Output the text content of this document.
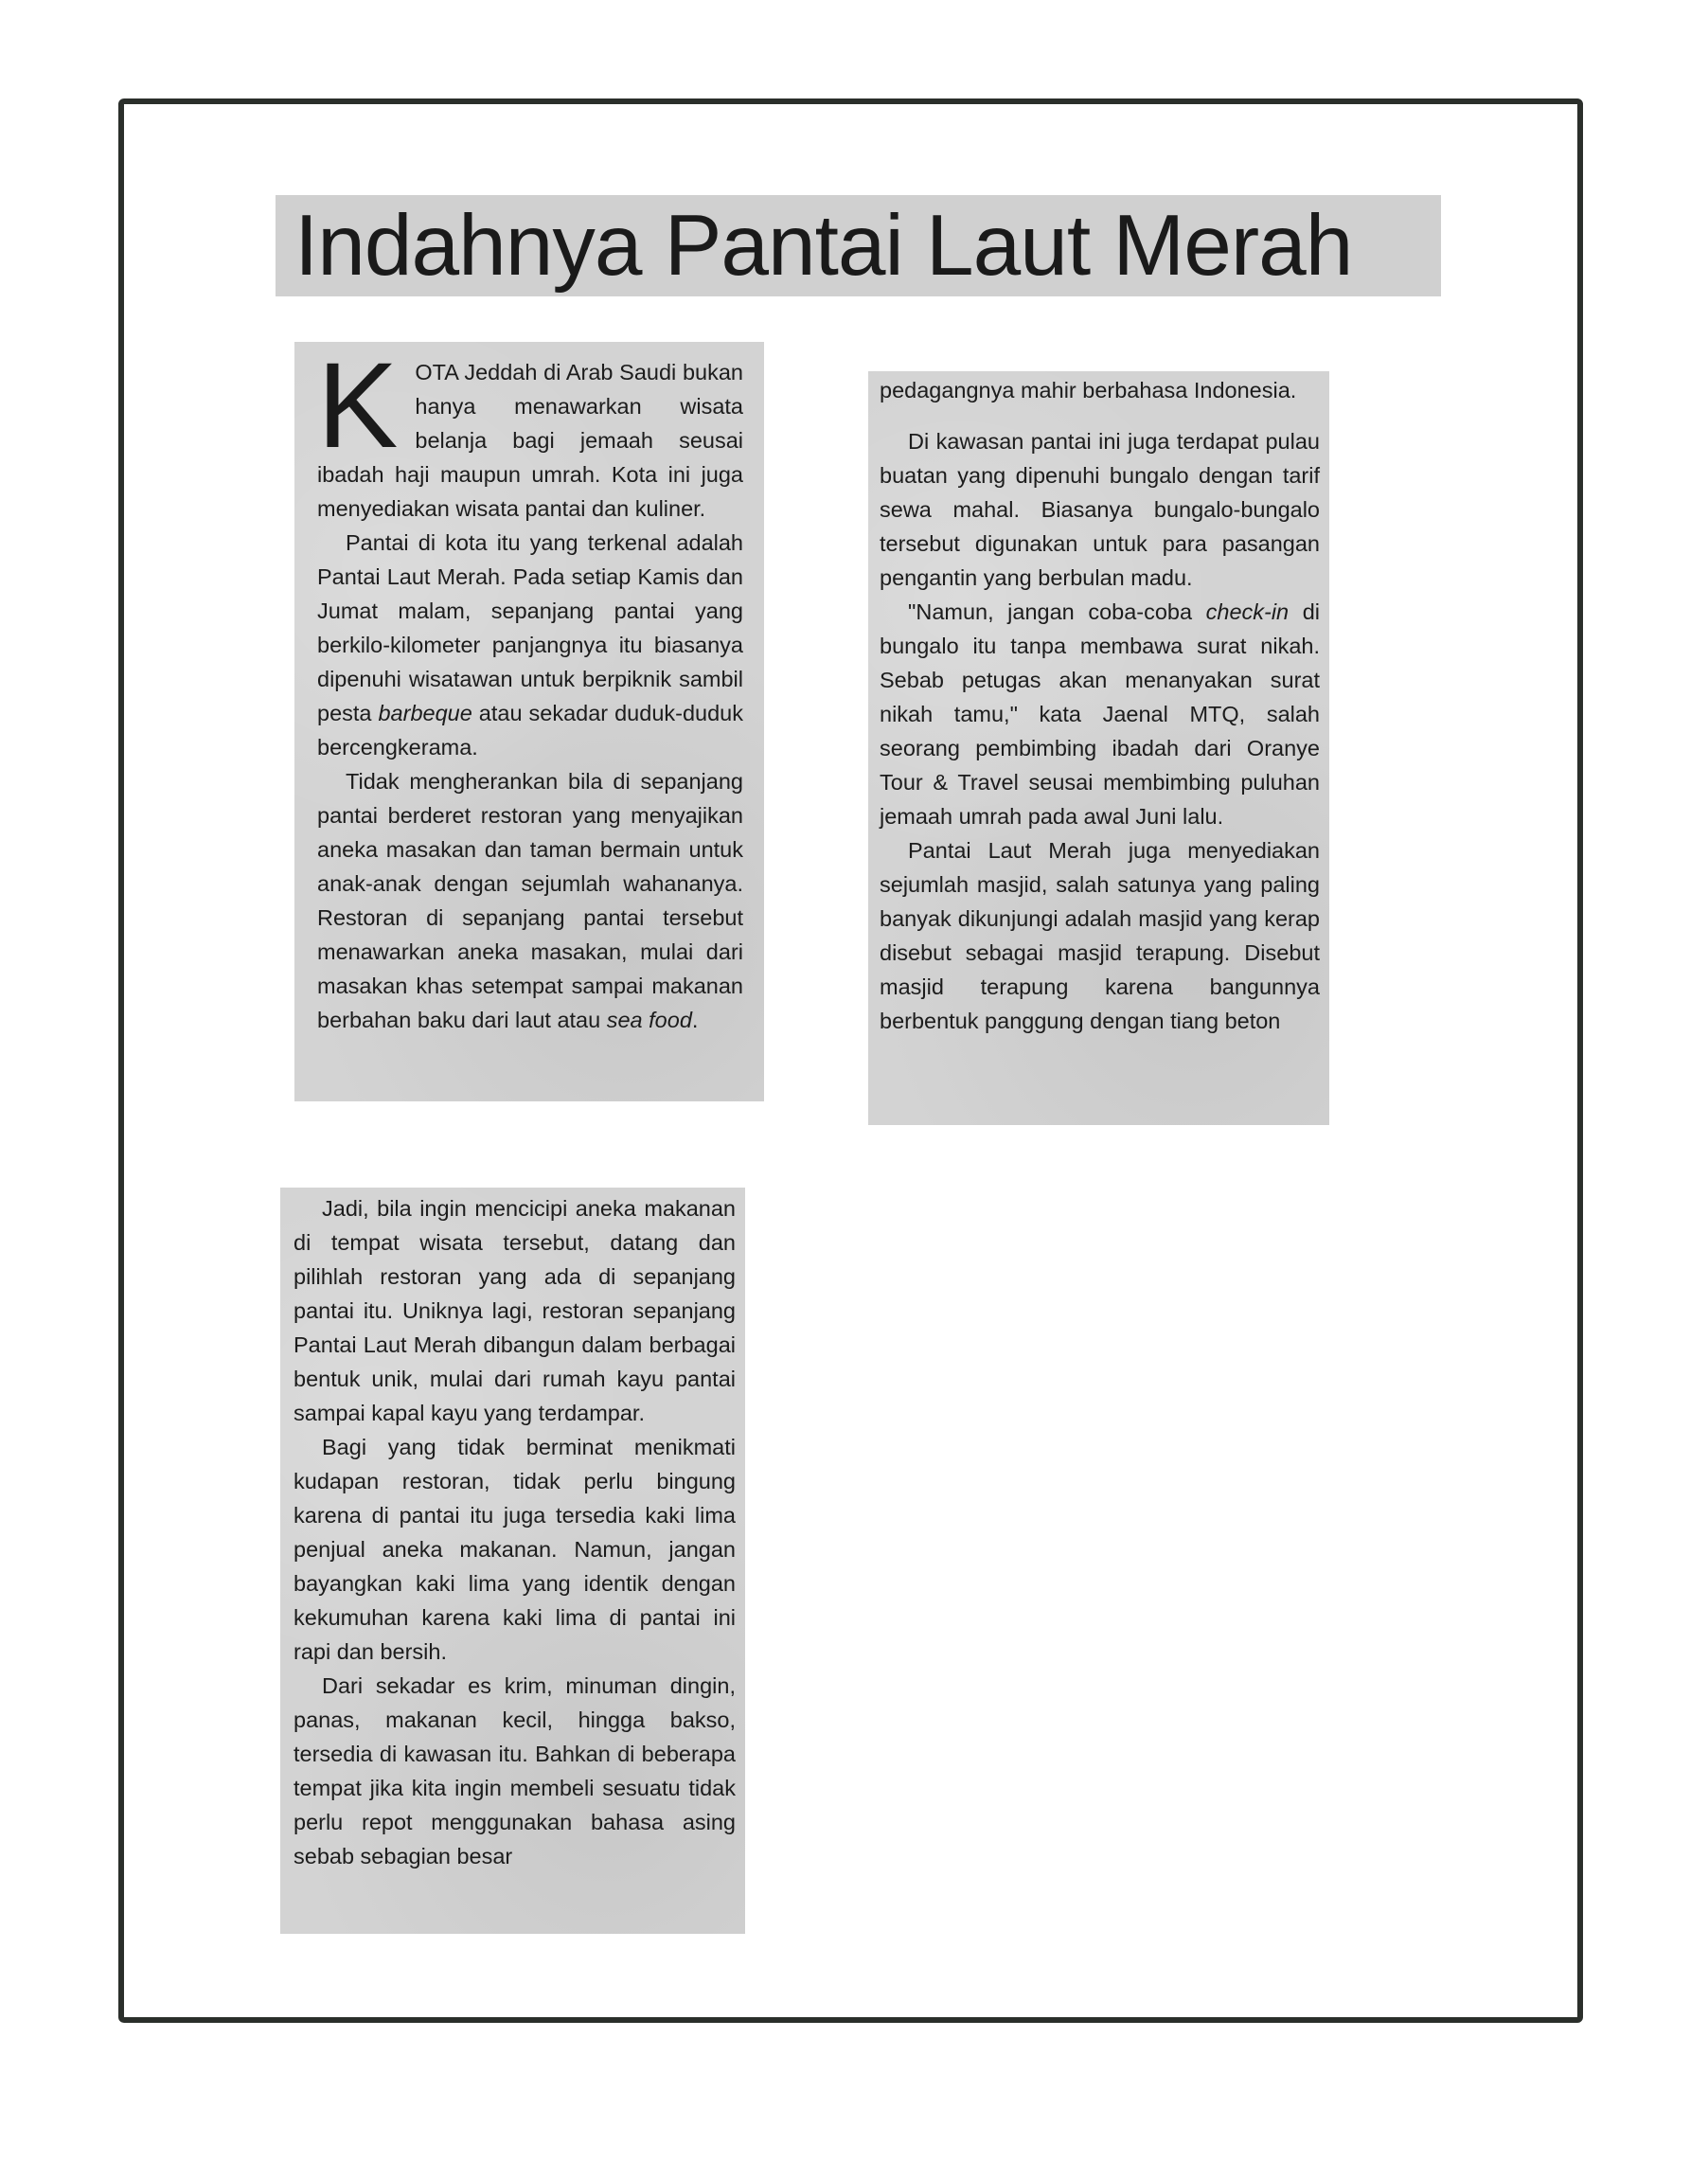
Indahnya Pantai Laut Merah

KOTA Jeddah di Arab Saudi bukan hanya menawarkan wisata belanja bagi jemaah seusai ibadah haji maupun umrah. Kota ini juga menyediakan wisata pantai dan kuliner.

Pantai di kota itu yang terkenal adalah Pantai Laut Merah. Pada setiap Kamis dan Jumat malam, sepanjang pantai yang berkilo-kilometer panjangnya itu biasanya dipenuhi wisatawan untuk berpiknik sambil pesta barbeque atau sekadar duduk-duduk bercengkerama.

Tidak mengherankan bila di sepanjang pantai berderet restoran yang menyajikan aneka masakan dan taman bermain untuk anak-anak dengan sejumlah wahananya. Restoran di sepanjang pantai tersebut menawarkan aneka masakan, mulai dari masakan khas setempat sampai makanan berbahan baku dari laut atau sea food.

pedagangnya mahir berbahasa Indonesia.

Di kawasan pantai ini juga terdapat pulau buatan yang dipenuhi bungalo dengan tarif sewa mahal. Biasanya bungalo-bungalo tersebut digunakan untuk para pasangan pengantin yang berbulan madu.

"Namun, jangan coba-coba check-in di bungalo itu tanpa membawa surat nikah. Sebab petugas akan menanyakan surat nikah tamu," kata Jaenal MTQ, salah seorang pembimbing ibadah dari Oranye Tour & Travel seusai membimbing puluhan jemaah umrah pada awal Juni lalu.

Pantai Laut Merah juga menyediakan sejumlah masjid, salah satunya yang paling banyak dikunjungi adalah masjid yang kerap disebut sebagai masjid terapung. Disebut masjid terapung karena bangunnya berbentuk panggung dengan tiang beton

Jadi, bila ingin mencicipi aneka makanan di tempat wisata tersebut, datang dan pilihlah restoran yang ada di sepanjang pantai itu. Uniknya lagi, restoran sepanjang Pantai Laut Merah dibangun dalam berbagai bentuk unik, mulai dari rumah kayu pantai sampai kapal kayu yang terdampar.

Bagi yang tidak berminat menikmati kudapan restoran, tidak perlu bingung karena di pantai itu juga tersedia kaki lima penjual aneka makanan. Namun, jangan bayangkan kaki lima yang identik dengan kekumuhan karena kaki lima di pantai ini rapi dan bersih.

Dari sekadar es krim, minuman dingin, panas, makanan kecil, hingga bakso, tersedia di kawasan itu. Bahkan di beberapa tempat jika kita ingin membeli sesuatu tidak perlu repot menggunakan bahasa asing sebab sebagian besar
